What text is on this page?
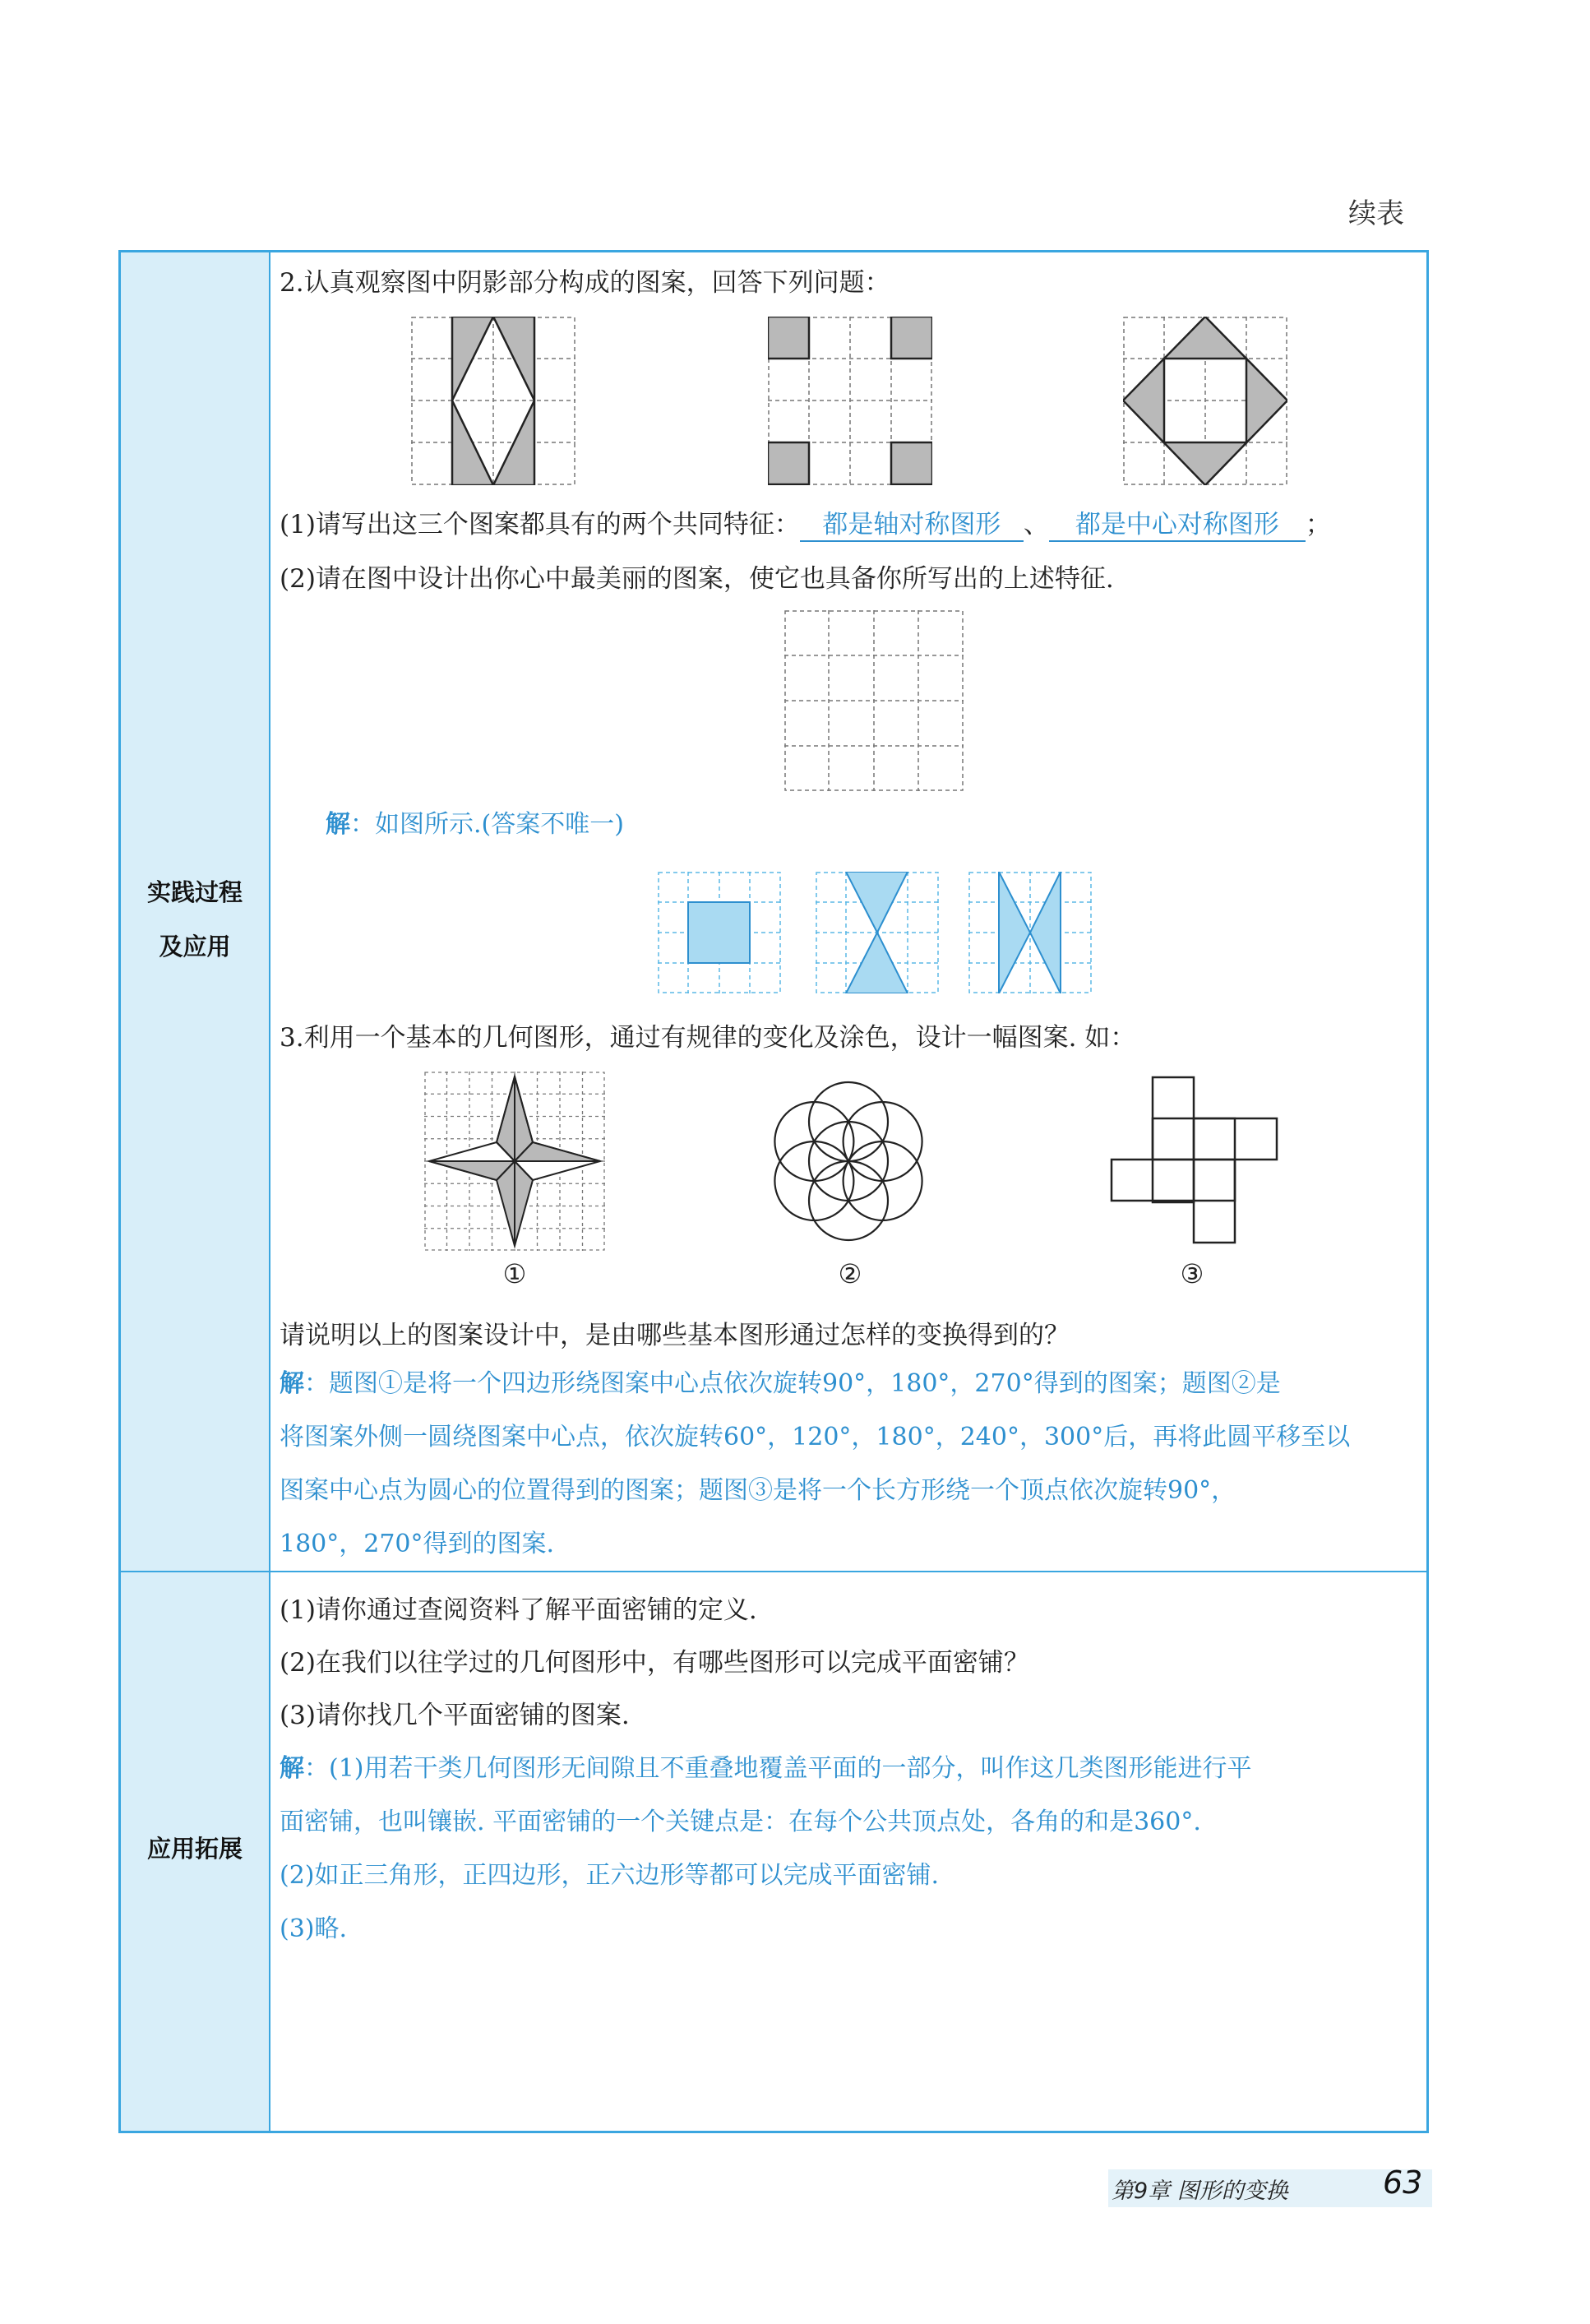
续表
实践过程
及应用
应用拓展
2.认真观察图中阴影部分构成的图案，回答下列问题：
(1)请写出这三个图案都具有的两个共同特征： 都是轴对称图形 、 都是中心对称图形 ；
(2)请在图中设计出你心中最美丽的图案，使它也具备你所写出的上述特征.
解：如图所示.(答案不唯一)
3.利用一个基本的几何图形，通过有规律的变化及涂色，设计一幅图案. 如：
①	②	③
请说明以上的图案设计中，是由哪些基本图形通过怎样的变换得到的？
解：题图①是将一个四边形绕图案中心点依次旋转90°，180°，270°得到的图案；题图②是
将图案外侧一圆绕图案中心点，依次旋转60°，120°，180°，240°，300°后，再将此圆平移至以
图案中心点为圆心的位置得到的图案；题图③是将一个长方形绕一个顶点依次旋转90°，
180°，270°得到的图案.
(1)请你通过查阅资料了解平面密铺的定义.
(2)在我们以往学过的几何图形中，有哪些图形可以完成平面密铺？
(3)请你找几个平面密铺的图案.
解：(1)用若干类几何图形无间隙且不重叠地覆盖平面的一部分，叫作这几类图形能进行平
面密铺，也叫镶嵌. 平面密铺的一个关键点是：在每个公共顶点处，各角的和是360°.
(2)如正三角形，正四边形，正六边形等都可以完成平面密铺.
(3)略.
第9章 图形的变换	63
